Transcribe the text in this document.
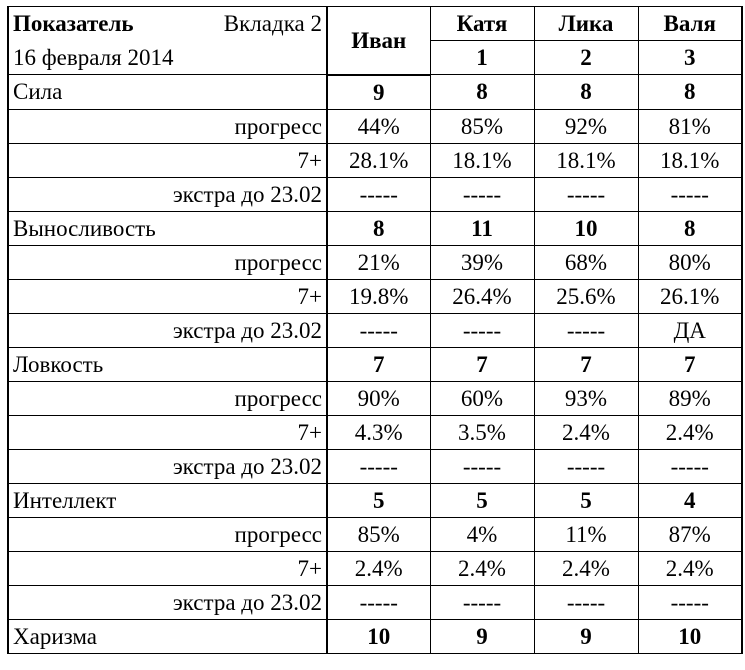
Показатель Вкладка 2	Иван	Катя	Лика	Валя
16 февраля 2014		1	2	3
Сила	9	8	8	8
прогресс	44%	85%	92%	81%
7+	28.1%	18.1%	18.1%	18.1%
экстра до 23.02	-----	-----	-----	-----
Выносливость	8	11	10	8
прогресс	21%	39%	68%	80%
7+	19.8%	26.4%	25.6%	26.1%
экстра до 23.02	-----	-----	-----	ДА
Ловкость	7	7	7	7
прогресс	90%	60%	93%	89%
7+	4.3%	3.5%	2.4%	2.4%
экстра до 23.02	-----	-----	-----	-----
Интеллект	5	5	5	4
прогресс	85%	4%	11%	87%
7+	2.4%	2.4%	2.4%	2.4%
экстра до 23.02	-----	-----	-----	-----
Харизма	10	9	9	10
